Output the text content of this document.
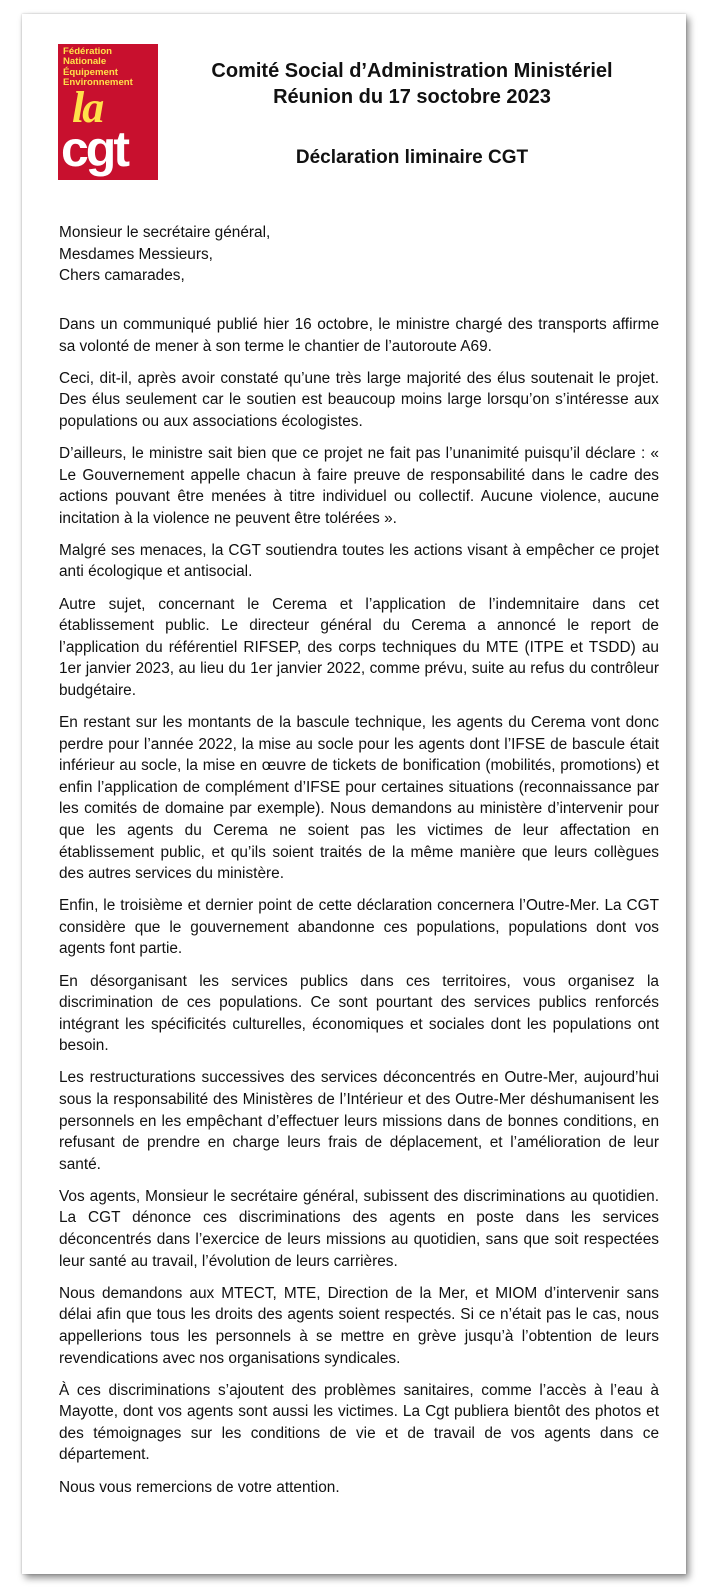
Fédération
Nationale
Équipement
Environnement

la
cgt
Comité Social d’Administration Ministériel
Réunion du 17 soctobre 2023
Déclaration liminaire CGT

Monsieur le secrétaire général,
Mesdames Messieurs,
Chers camarades,

Dans un communiqué publié hier 16 octobre, le ministre chargé des transports affirme sa volonté de mener à son terme le chantier de l’autoroute A69.

Ceci, dit-il, après avoir constaté qu’une très large majorité des élus soutenait le projet. Des élus seulement car le soutien est beaucoup moins large lorsqu’on s’intéresse aux populations ou aux associations écologistes.

D’ailleurs, le ministre sait bien que ce projet ne fait pas l’unanimité puisqu’il déclare : « Le Gouvernement appelle chacun à faire preuve de responsabilité dans le cadre des actions pouvant être menées à titre individuel ou collectif. Aucune violence, aucune incitation à la violence ne peuvent être tolérées ».

Malgré ses menaces, la CGT soutiendra toutes les actions visant à empêcher ce projet anti écologique et antisocial.

Autre sujet, concernant le Cerema et l’application de l’indemnitaire dans cet établissement public. Le directeur général du Cerema a annoncé le report de l’application du référentiel RIFSEP, des corps techniques du MTE (ITPE et TSDD) au 1er janvier 2023, au lieu du 1er janvier 2022, comme prévu, suite au refus du contrôleur budgétaire.

En restant sur les montants de la bascule technique, les agents du Cerema vont donc perdre pour l’année 2022, la mise au socle pour les agents dont l’IFSE de bascule était inférieur au socle, la mise en œuvre de tickets de bonification (mobilités, promotions) et enfin l’application de complément d’IFSE pour certaines situations (reconnaissance par les comités de domaine par exemple). Nous demandons au ministère d’intervenir pour que les agents du Cerema ne soient pas les victimes de leur affectation en établissement public, et qu’ils soient traités de la même manière que leurs collègues des autres services du ministère.

Enfin, le troisième et dernier point de cette déclaration concernera l’Outre-Mer. La CGT considère que le gouvernement abandonne ces populations, populations dont vos agents font partie.

En désorganisant les services publics dans ces territoires, vous organisez la discrimination de ces populations. Ce sont pourtant des services publics renforcés intégrant les spécificités culturelles, économiques et sociales dont les populations ont besoin.

Les restructurations successives des services déconcentrés en Outre-Mer, aujourd’hui sous la responsabilité des Ministères de l’Intérieur et des Outre-Mer déshumanisent les personnels en les empêchant d’effectuer leurs missions dans de bonnes conditions, en refusant de prendre en charge leurs frais de déplacement, et l’amélioration de leur santé.

Vos agents, Monsieur le secrétaire général, subissent des discriminations au quotidien. La CGT dénonce ces discriminations des agents en poste dans les services déconcentrés dans l’exercice de leurs missions au quotidien, sans que soit respectées leur santé au travail, l’évolution de leurs carrières.

Nous demandons aux MTECT, MTE, Direction de la Mer, et MIOM d’intervenir sans délai afin que tous les droits des agents soient respectés. Si ce n’était pas le cas, nous appellerions tous les personnels à se mettre en grève jusqu’à l’obtention de leurs revendications avec nos organisations syndicales.

À ces discriminations s’ajoutent des problèmes sanitaires, comme l’accès à l’eau à Mayotte, dont vos agents sont aussi les victimes. La Cgt publiera bientôt des photos et des témoignages sur les conditions de vie et de travail de vos agents dans ce département.

Nous vous remercions de votre attention.
